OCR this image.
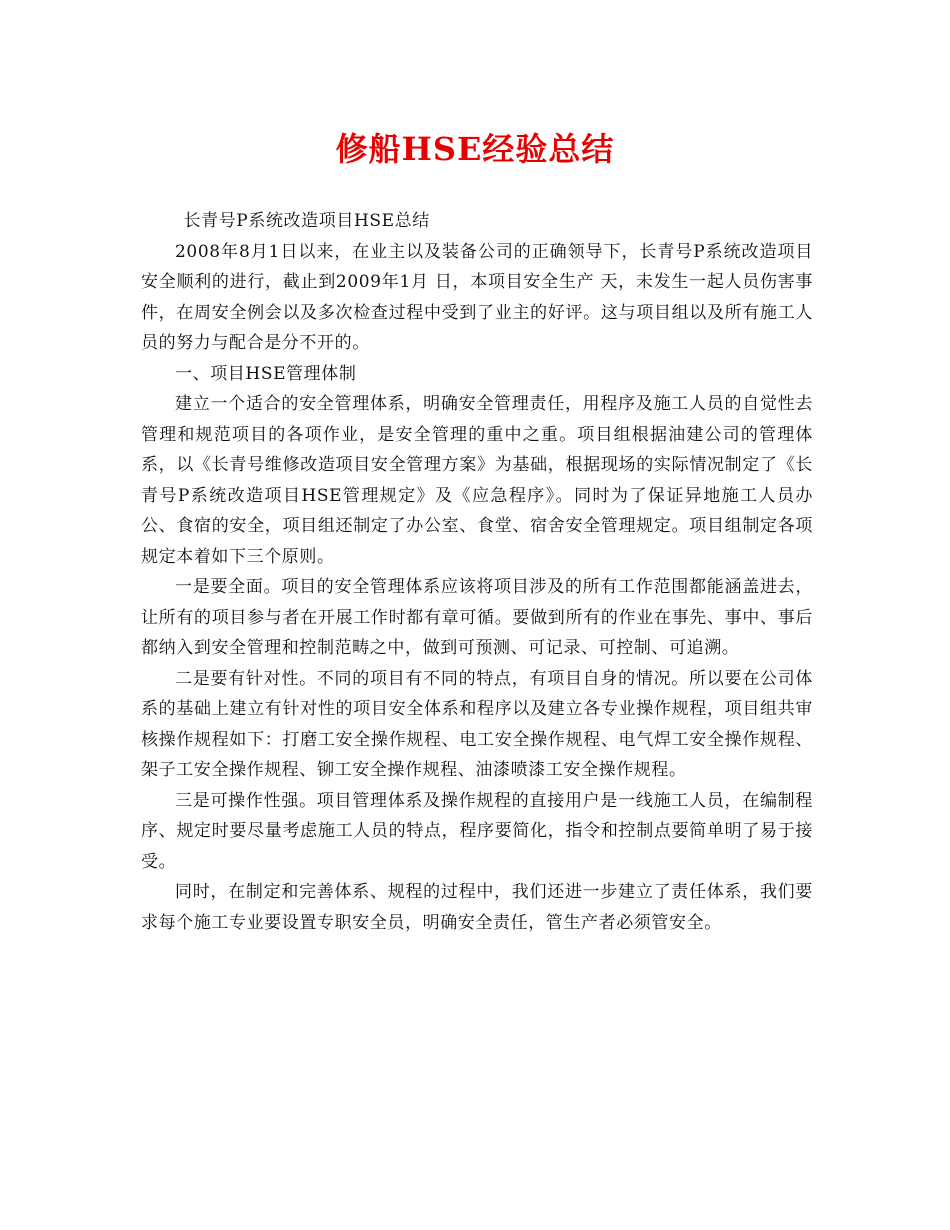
修船HSE经验总结

长青号P系统改造项目HSE总结

2008年8月1日以来，在业主以及装备公司的正确领导下，长青号P系统改造项目安全顺利的进行，截止到2009年1月 日，本项目安全生产 天，未发生一起人员伤害事件，在周安全例会以及多次检查过程中受到了业主的好评。这与项目组以及所有施工人员的努力与配合是分不开的。

一、项目HSE管理体制

建立一个适合的安全管理体系，明确安全管理责任，用程序及施工人员的自觉性去管理和规范项目的各项作业，是安全管理的重中之重。项目组根据油建公司的管理体系，以《长青号维修改造项目安全管理方案》为基础，根据现场的实际情况制定了《长青号P系统改造项目HSE管理规定》及《应急程序》。同时为了保证异地施工人员办公、食宿的安全，项目组还制定了办公室、食堂、宿舍安全管理规定。项目组制定各项规定本着如下三个原则。

一是要全面。项目的安全管理体系应该将项目涉及的所有工作范围都能涵盖进去，让所有的项目参与者在开展工作时都有章可循。要做到所有的作业在事先、事中、事后都纳入到安全管理和控制范畴之中，做到可预测、可记录、可控制、可追溯。

二是要有针对性。不同的项目有不同的特点，有项目自身的情况。所以要在公司体系的基础上建立有针对性的项目安全体系和程序以及建立各专业操作规程，项目组共审核操作规程如下：打磨工安全操作规程、电工安全操作规程、电气焊工安全操作规程、架子工安全操作规程、铆工安全操作规程、油漆喷漆工安全操作规程。

三是可操作性强。项目管理体系及操作规程的直接用户是一线施工人员，在编制程序、规定时要尽量考虑施工人员的特点，程序要简化，指令和控制点要简单明了易于接受。

同时，在制定和完善体系、规程的过程中，我们还进一步建立了责任体系，我们要求每个施工专业要设置专职安全员，明确安全责任，管生产者必须管安全。
